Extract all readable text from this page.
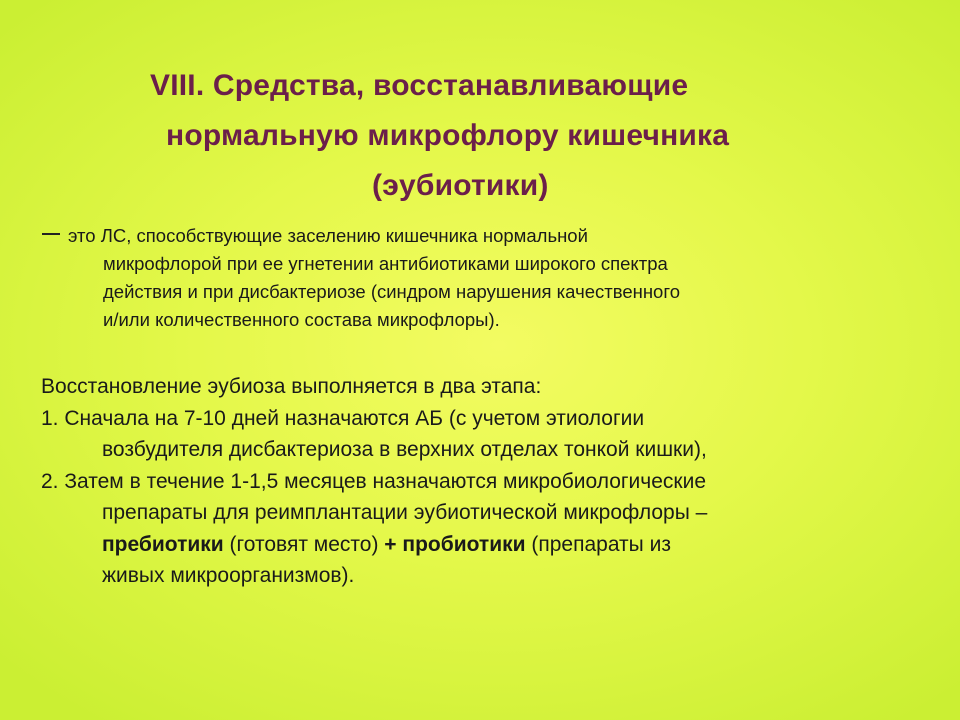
VIII. Средства, восстанавливающие
нормальную микрофлору кишечника
(эубиотики)
это ЛС, способствующие заселению кишечника нормальной
микрофлорой при ее угнетении антибиотиками широкого спектра
действия и при дисбактериозе (синдром нарушения качественного
и/или количественного состава микрофлоры).
Восстановление эубиоза выполняется в два этапа:
1. Сначала на 7-10 дней назначаются АБ (с учетом этиологии
возбудителя дисбактериоза в верхних отделах тонкой кишки),
2. Затем в течение 1-1,5 месяцев назначаются микробиологические
препараты для реимплантации эубиотической микрофлоры –
пребиотики (готовят место) + пробиотики (препараты из
живых микроорганизмов).
